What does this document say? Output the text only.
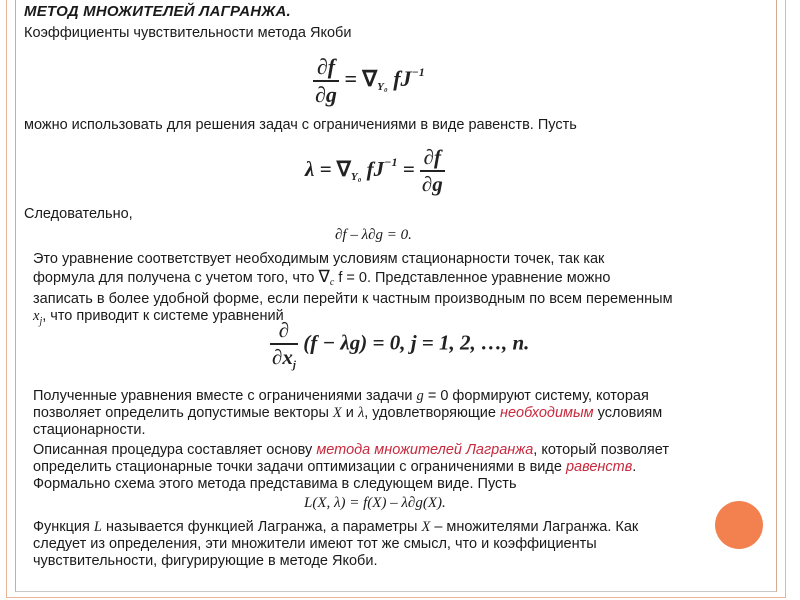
МЕТОД МНОЖИТЕЛЕЙ ЛАГРАНЖА.
Коэффициенты чувствительности метода Якоби
$\frac{\partial f}{\partial g} = \nabla Y_0$ $fJ^{-1}$
можно использовать для решения задач с ограничениями в виде равенств. Пусть
λ = ∇Y₀ $fJ^{-1} = \frac{\partial f}{\partial g}$
Следовательно,
∂f – λ∂g = 0.
Это уравнение соответствует необходимым условиям стационарности точек, так как
формула для получена с учетом того, что $\nabla_c$ f = 0. Представленное уравнение можно
записать в более удобной форме, если перейти к частным производным по всем переменным
$x_j$, что приводит к системе уравнений
$\frac{\partial}{\partial xj} (f - \lambda g) = 0$, j = 1, 2, …, n.
Полученные уравнения вместе с ограничениями задачи g = 0 формируют систему, которая
позволяет определить допустимые векторы X и λ, удовлетворяющие необходимым условиям
стационарности.
Описанная процедура составляет основу метода множителей Лагранжа, который позволяет
определить стационарные точки задачи оптимизации с ограничениями в виде равенств.
Формально схема этого метода представима в следующем виде. Пусть
L(X, λ) = f(X) – λ∂g(X).
Функция L называется функцией Лагранжа, а параметры X – множителями Лагранжа. Как
следует из определения, эти множители имеют тот же смысл, что и коэффициенты
чувствительности, фигурирующие в методе Якоби.
